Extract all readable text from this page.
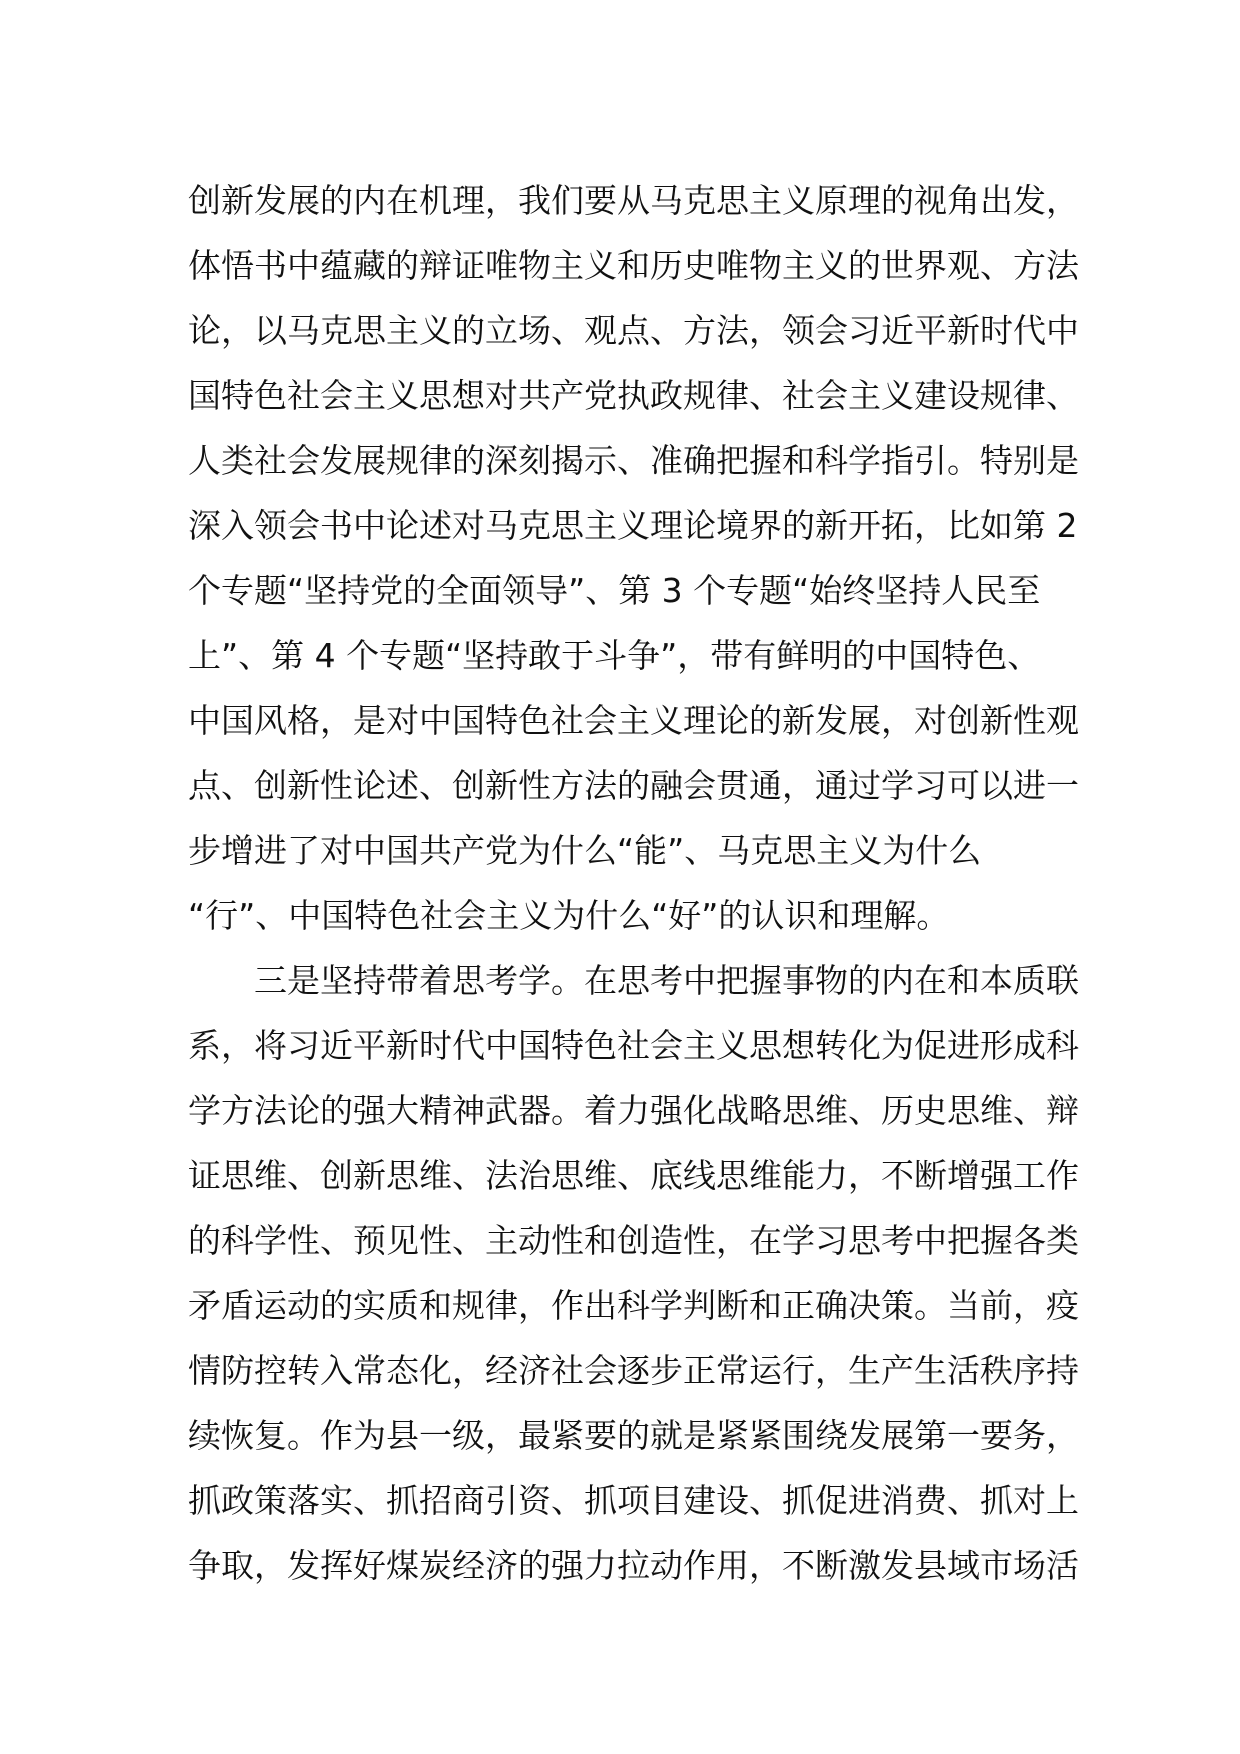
创新发展的内在机理，我们要从马克思主义原理的视角出发，
体悟书中蕴藏的辩证唯物主义和历史唯物主义的世界观、方法
论，以马克思主义的立场、观点、方法，领会习近平新时代中
国特色社会主义思想对共产党执政规律、社会主义建设规律、
人类社会发展规律的深刻揭示、准确把握和科学指引。特别是
深入领会书中论述对马克思主义理论境界的新开拓，比如第 2
个专题“坚持党的全面领导”、第 3 个专题“始终坚持人民至
上”、第 4 个专题“坚持敢于斗争”，带有鲜明的中国特色、
中国风格，是对中国特色社会主义理论的新发展，对创新性观
点、创新性论述、创新性方法的融会贯通，通过学习可以进一
步增进了对中国共产党为什么“能”、马克思主义为什么
“行”、中国特色社会主义为什么“好”的认识和理解。
三是坚持带着思考学。在思考中把握事物的内在和本质联
系，将习近平新时代中国特色社会主义思想转化为促进形成科
学方法论的强大精神武器。着力强化战略思维、历史思维、辩
证思维、创新思维、法治思维、底线思维能力，不断增强工作
的科学性、预见性、主动性和创造性，在学习思考中把握各类
矛盾运动的实质和规律，作出科学判断和正确决策。当前，疫
情防控转入常态化，经济社会逐步正常运行，生产生活秩序持
续恢复。作为县一级，最紧要的就是紧紧围绕发展第一要务，
抓政策落实、抓招商引资、抓项目建设、抓促进消费、抓对上
争取，发挥好煤炭经济的强力拉动作用，不断激发县域市场活
